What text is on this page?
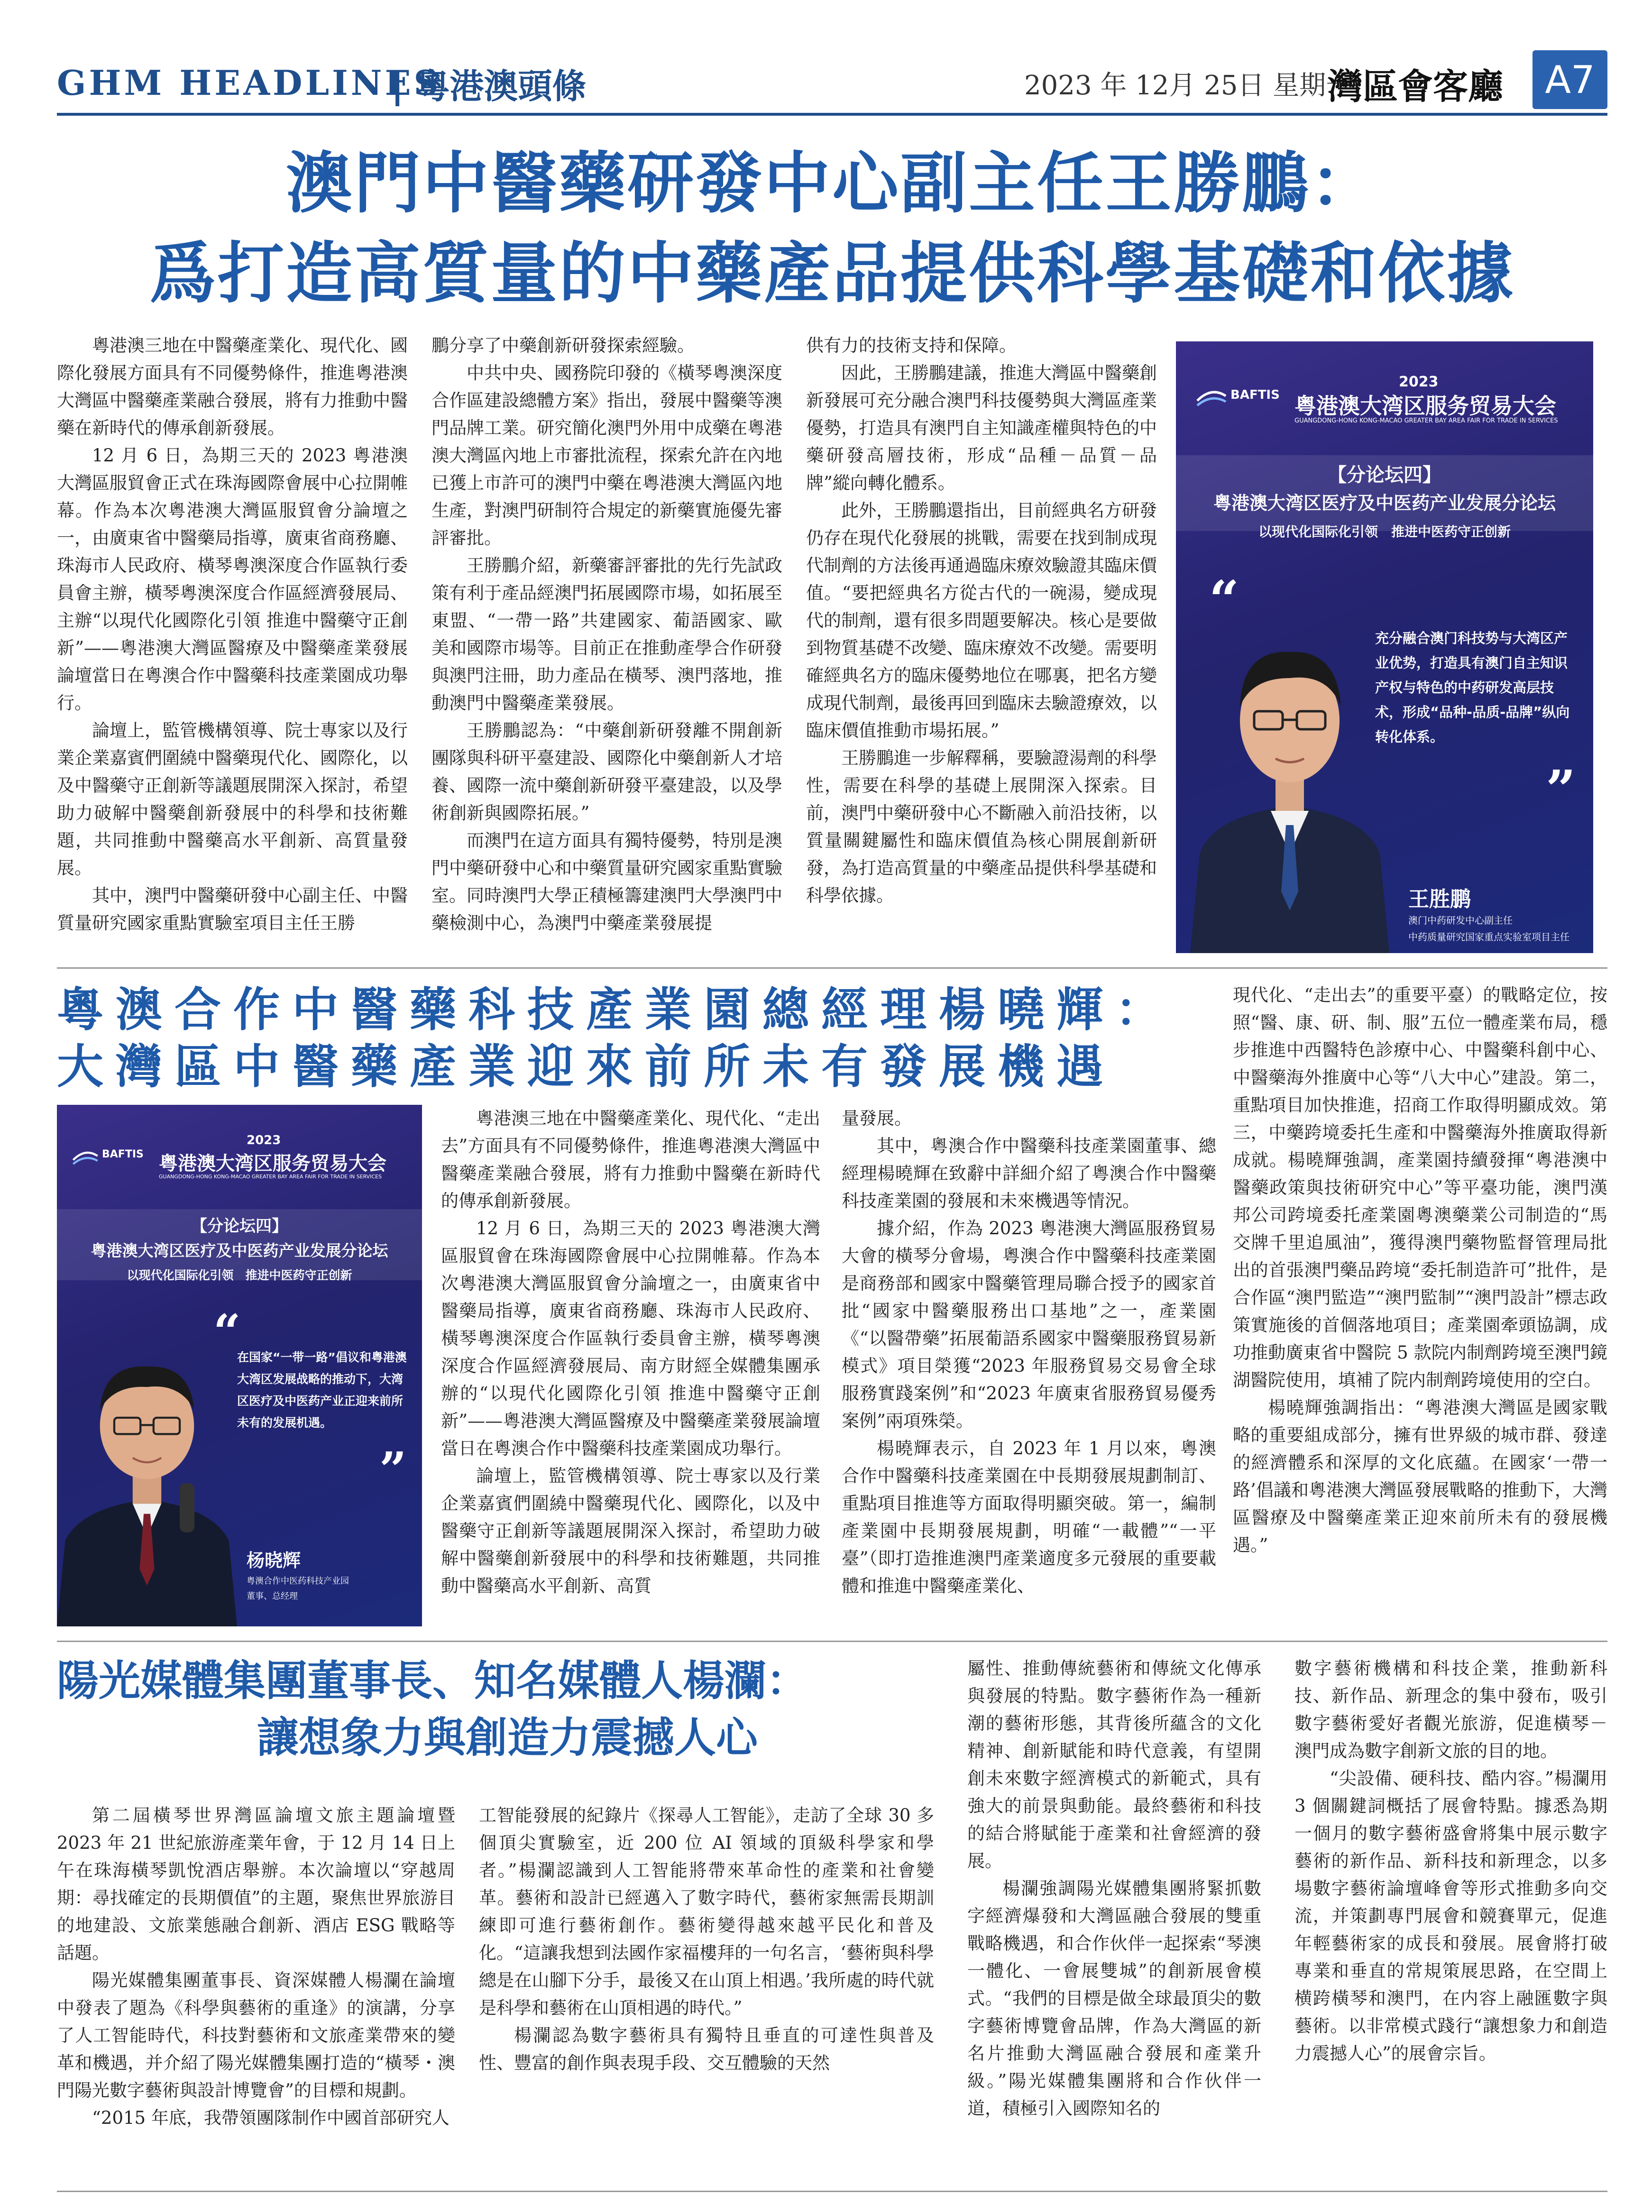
GHM HEADLINES
| 粵港澳頭條	2023 年 12月 25日 星期一
灣區會客廳	A7
澳門中醫藥研發中心副主任王勝鵬：
爲打造高質量的中藥產品提供科學基礎和依據

粵港澳三地在中醫藥產業化、現代化、國際化發展方面具有不同優勢條件，推進粵港澳大灣區中醫藥產業融合發展，將有力推動中醫藥在新時代的傳承創新發展。

12 月 6 日，為期三天的 2023 粵港澳大灣區服貿會正式在珠海國際會展中心拉開帷幕。作為本次粵港澳大灣區服貿會分論壇之一，由廣東省中醫藥局指導，廣東省商務廳、珠海市人民政府、橫琴粵澳深度合作區執行委員會主辦，橫琴粵澳深度合作區經濟發展局、主辦“以現代化國際化引領 推進中醫藥守正創新”——粵港澳大灣區醫療及中醫藥產業發展論壇當日在粵澳合作中醫藥科技產業園成功舉行。

論壇上，監管機構領導、院士專家以及行業企業嘉賓們圍繞中醫藥現代化、國際化，以及中醫藥守正創新等議題展開深入探討，希望助力破解中醫藥創新發展中的科學和技術難題，共同推動中醫藥高水平創新、高質量發展。

其中，澳門中醫藥研發中心副主任、中醫質量研究國家重點實驗室項目主任王勝

鵬分享了中藥創新研發探索經驗。

中共中央、國務院印發的《橫琴粵澳深度合作區建設總體方案》指出，發展中醫藥等澳門品牌工業。研究簡化澳門外用中成藥在粵港澳大灣區內地上市審批流程，探索允許在內地已獲上市許可的澳門中藥在粵港澳大灣區內地生產，對澳門研制符合規定的新藥實施優先審評審批。

王勝鵬介紹，新藥審評審批的先行先試政策有利于產品經澳門拓展國際市場，如拓展至東盟、“一帶一路”共建國家、葡語國家、歐美和國際市場等。目前正在推動產學合作研發與澳門注冊，助力產品在橫琴、澳門落地，推動澳門中醫藥產業發展。

王勝鵬認為：“中藥創新研發離不開創新團隊與科研平臺建設、國際化中藥創新人才培養、國際一流中藥創新研發平臺建設，以及學術創新與國際拓展。”

而澳門在這方面具有獨特優勢，特別是澳門中藥研發中心和中藥質量研究國家重點實驗室。同時澳門大學正積極籌建澳門大學澳門中藥檢測中心，為澳門中藥產業發展提

供有力的技術支持和保障。

因此，王勝鵬建議，推進大灣區中醫藥創新發展可充分融合澳門科技優勢與大灣區產業優勢，打造具有澳門自主知識產權與特色的中藥研發高層技術，形成“品種－品質－品牌”縱向轉化體系。

此外，王勝鵬還指出，目前經典名方研發仍存在現代化發展的挑戰，需要在找到制成現代制劑的方法後再通過臨床療效驗證其臨床價值。“要把經典名方從古代的一碗湯，變成現代的制劑，還有很多問題要解决。核心是要做到物質基礎不改變、臨床療效不改變。需要明確經典名方的臨床優勢地位在哪裏，把名方變成現代制劑，最後再回到臨床去驗證療效，以臨床價值推動市場拓展。”

王勝鵬進一步解釋稱，要驗證湯劑的科學性，需要在科學的基礎上展開深入探索。目前，澳門中藥研發中心不斷融入前沿技術，以質量關鍵屬性和臨床價值為核心開展創新研發，為打造高質量的中藥產品提供科學基礎和科學依據。

BAFTIS
2023
粤港澳大湾区服务贸易大会
GUANGDONG-HONG KONG-MACAO GREATER BAY AREA FAIR FOR TRADE IN SERVICES
【分论坛四】
粤港澳大湾区医疗及中医药产业发展分论坛
以现代化国际化引领　推进中医药守正创新
“
充分融合澳门科技势与大湾区产业优势，打造具有澳门自主知识产权与特色的中药研发高层技术，形成“品种-品质-品牌”纵向转化体系。
”
王胜鹏
澳门中药研发中心副主任
中药质量研究国家重点实验室项目主任
粵澳合作中醫藥科技產業園總經理楊曉輝：
大灣區中醫藥產業迎來前所未有發展機遇
BAFTIS
2023
粤港澳大湾区服务贸易大会
GUANGDONG-HONG KONG-MACAO GREATER BAY AREA FAIR FOR TRADE IN SERVICES
【分论坛四】
粤港澳大湾区医疗及中医药产业发展分论坛
以现代化国际化引领　推进中医药守正创新
“
在国家“一带一路”倡议和粤港澳大湾区发展战略的推动下，大湾区医疗及中医药产业正迎来前所未有的发展机遇。
”
杨晓辉
粤澳合作中医药科技产业园
董事、总经理

粵港澳三地在中醫藥產業化、現代化、“走出去”方面具有不同優勢條件，推進粵港澳大灣區中醫藥產業融合發展，將有力推動中醫藥在新時代的傳承創新發展。

12 月 6 日，為期三天的 2023 粵港澳大灣區服貿會在珠海國際會展中心拉開帷幕。作為本次粵港澳大灣區服貿會分論壇之一，由廣東省中醫藥局指導，廣東省商務廳、珠海市人民政府、橫琴粵澳深度合作區執行委員會主辦，橫琴粵澳深度合作區經濟發展局、南方財經全媒體集團承辦的“以現代化國際化引領 推進中醫藥守正創新”——粵港澳大灣區醫療及中醫藥產業發展論壇當日在粵澳合作中醫藥科技產業園成功舉行。

論壇上，監管機構領導、院士專家以及行業企業嘉賓們圍繞中醫藥現代化、國際化，以及中醫藥守正創新等議題展開深入探討，希望助力破解中醫藥創新發展中的科學和技術難題，共同推動中醫藥高水平創新、高質

量發展。

其中，粵澳合作中醫藥科技產業園董事、總經理楊曉輝在致辭中詳細介紹了粵澳合作中醫藥科技產業園的發展和未來機遇等情況。

據介紹，作為 2023 粵港澳大灣區服務貿易大會的橫琴分會場，粵澳合作中醫藥科技產業園是商務部和國家中醫藥管理局聯合授予的國家首批“國家中醫藥服務出口基地”之一，產業園《“以醫帶藥”拓展葡語系國家中醫藥服務貿易新模式》項目榮獲“2023 年服務貿易交易會全球服務實踐案例”和“2023 年廣東省服務貿易優秀案例”兩項殊榮。

楊曉輝表示，自 2023 年 1 月以來，粵澳合作中醫藥科技產業園在中長期發展規劃制訂、重點項目推進等方面取得明顯突破。第一，編制產業園中長期發展規劃，明確“一載體”“一平臺”（即打造推進澳門產業適度多元發展的重要載體和推進中醫藥產業化、

現代化、“走出去”的重要平臺）的戰略定位，按照“醫、康、研、制、服”五位一體產業布局，穩步推進中西醫特色診療中心、中醫藥科創中心、中醫藥海外推廣中心等“八大中心”建設。第二，重點項目加快推進，招商工作取得明顯成效。第三，中藥跨境委托生產和中醫藥海外推廣取得新成就。楊曉輝強調，產業園持續發揮“粵港澳中醫藥政策與技術研究中心”等平臺功能，澳門漢邦公司跨境委托產業園粵澳藥業公司制造的“馬交牌千里追風油”，獲得澳門藥物監督管理局批出的首張澳門藥品跨境“委托制造許可”批件，是合作區“澳門監造”“澳門監制”“澳門設計”標志政策實施後的首個落地項目；產業園牽頭協調，成功推動廣東省中醫院 5 款院内制劑跨境至澳門鏡湖醫院使用，填補了院内制劑跨境使用的空白。

楊曉輝強調指出：“粵港澳大灣區是國家戰略的重要組成部分，擁有世界級的城市群、發達的經濟體系和深厚的文化底蘊。在國家‘一帶一路’倡議和粵港澳大灣區發展戰略的推動下，大灣區醫療及中醫藥產業正迎來前所未有的發展機遇。”

陽光媒體集團董事長、知名媒體人楊瀾：
讓想象力與創造力震撼人心

第二屆橫琴世界灣區論壇文旅主題論壇暨 2023 年 21 世紀旅游產業年會，于 12 月 14 日上午在珠海橫琴凱悅酒店舉辦。本次論壇以“穿越周期：尋找確定的長期價值”的主題，聚焦世界旅游目的地建設、文旅業態融合創新、酒店 ESG 戰略等話題。

陽光媒體集團董事長、資深媒體人楊瀾在論壇中發表了題為《科學與藝術的重逢》的演講，分享了人工智能時代，科技對藝術和文旅產業帶來的變革和機遇，并介紹了陽光媒體集團打造的“橫琴・澳門陽光數字藝術與設計博覽會”的目標和規劃。

“2015 年底，我帶領團隊制作中國首部研究人

工智能發展的紀錄片《探尋人工智能》，走訪了全球 30 多個頂尖實驗室，近 200 位 AI 領域的頂級科學家和學者。”楊瀾認識到人工智能將帶來革命性的產業和社會變革。藝術和設計已經邁入了數字時代，藝術家無需長期訓練即可進行藝術創作。藝術變得越來越平民化和普及化。“這讓我想到法國作家福樓拜的一句名言，‘藝術與科學總是在山腳下分手，最後又在山頂上相遇。’我所處的時代就是科學和藝術在山頂相遇的時代。”

楊瀾認為數字藝術具有獨特且垂直的可達性與普及性、豐富的創作與表現手段、交互體驗的天然

屬性、推動傳統藝術和傳統文化傳承與發展的特點。數字藝術作為一種新潮的藝術形態，其背後所蘊含的文化精神、創新賦能和時代意義，有望開創未來數字經濟模式的新範式，具有強大的前景與動能。最終藝術和科技的結合將賦能于產業和社會經濟的發展。

楊瀾強調陽光媒體集團將緊抓數字經濟爆發和大灣區融合發展的雙重戰略機遇，和合作伙伴一起探索“琴澳一體化、一會展雙城”的創新展會模式。“我們的目標是做全球最頂尖的數字藝術博覽會品牌，作為大灣區的新名片推動大灣區融合發展和產業升級。”陽光媒體集團將和合作伙伴一道，積極引入國際知名的

數字藝術機構和科技企業，推動新科技、新作品、新理念的集中發布，吸引數字藝術愛好者觀光旅游，促進橫琴－澳門成為數字創新文旅的目的地。

“尖設備、硬科技、酷内容。”楊瀾用 3 個關鍵詞概括了展會特點。據悉為期一個月的數字藝術盛會將集中展示數字藝術的新作品、新科技和新理念，以多場數字藝術論壇峰會等形式推動多向交流，并策劃專門展會和競賽單元，促進年輕藝術家的成長和發展。展會將打破專業和垂直的常規策展思路，在空間上横跨橫琴和澳門，在内容上融匯數字與藝術。以非常模式踐行“讓想象力和創造力震撼人心”的展會宗旨。
